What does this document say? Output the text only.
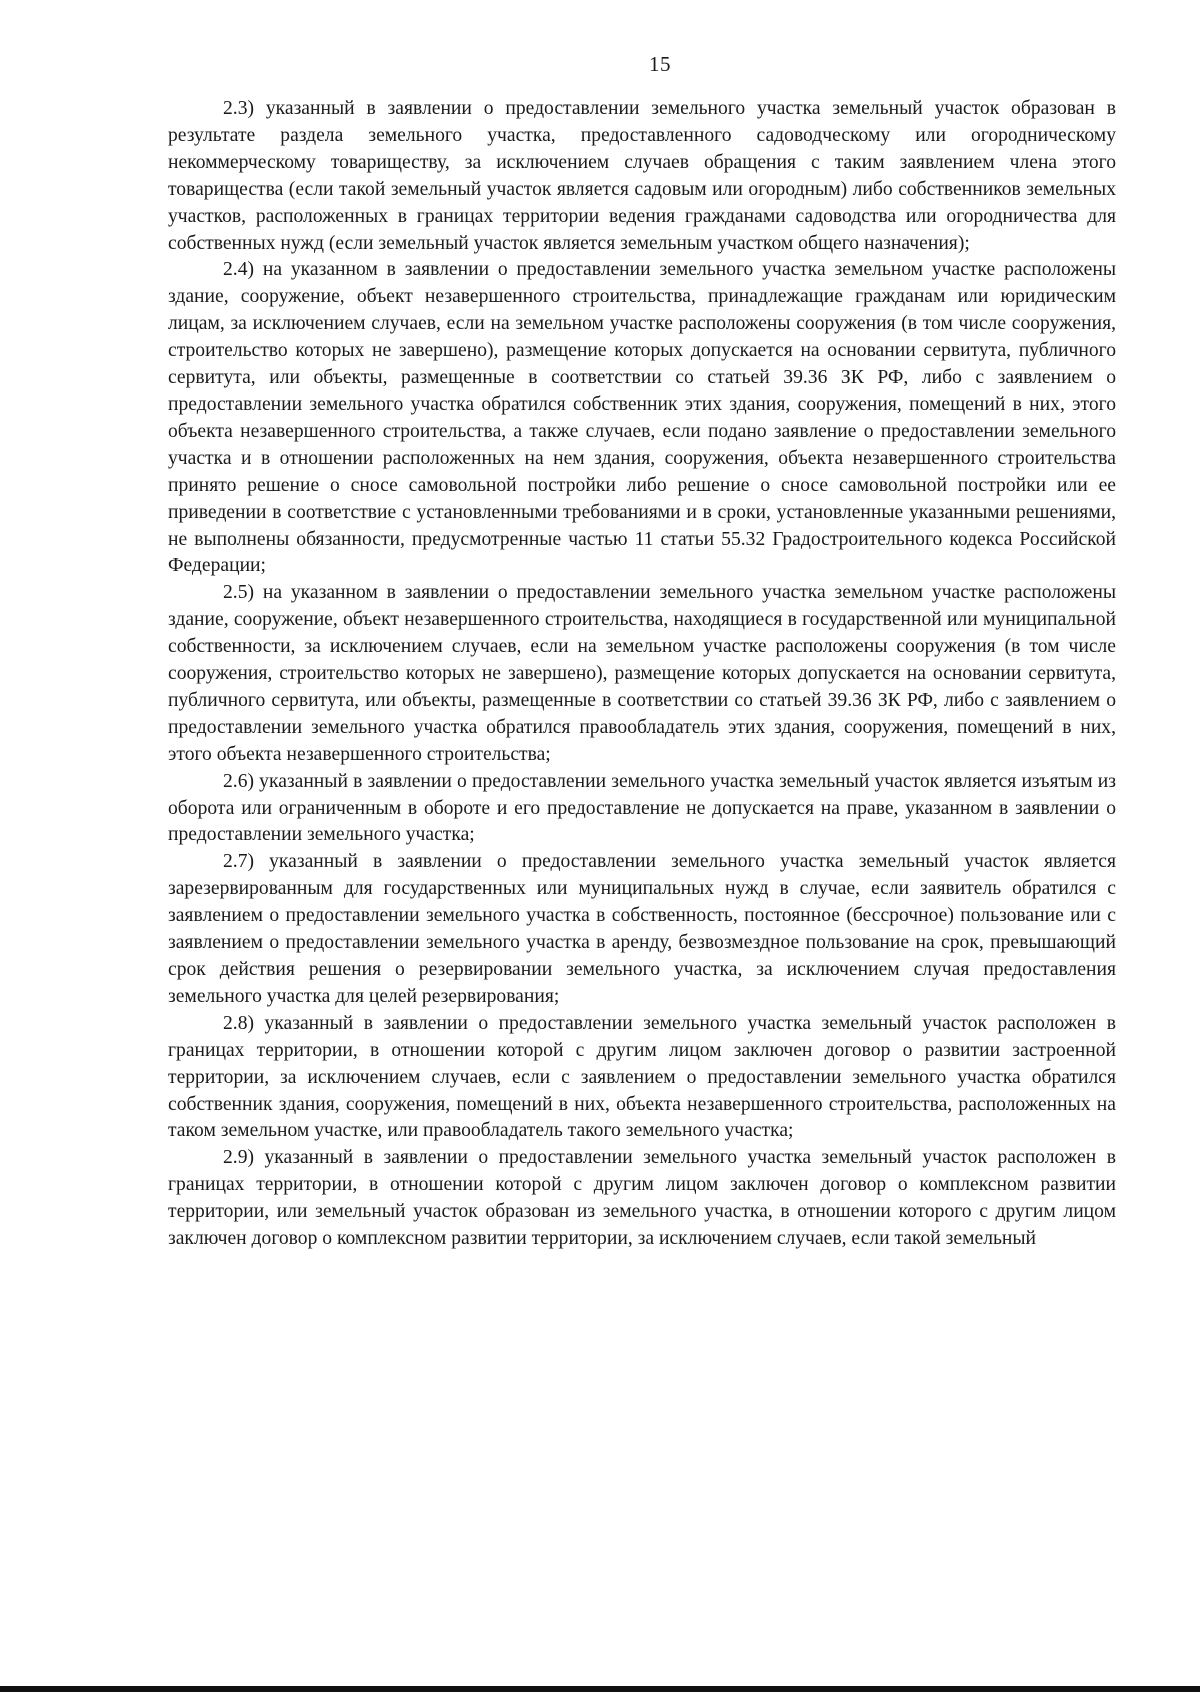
15

2.3) указанный в заявлении о предоставлении земельного участка земельный участок образован в результате раздела земельного участка, предоставленного садоводческому или огородническому некоммерческому товариществу, за исключением случаев обращения с таким заявлением члена этого товарищества (если такой земельный участок является садовым или огородным) либо собственников земельных участков, расположенных в границах территории ведения гражданами садоводства или огородничества для собственных нужд (если земельный участок является земельным участком общего назначения);

2.4) на указанном в заявлении о предоставлении земельного участка земельном участке расположены здание, сооружение, объект незавершенного строительства, принадлежащие гражданам или юридическим лицам, за исключением случаев, если на земельном участке расположены сооружения (в том числе сооружения, строительство которых не завершено), размещение которых допускается на основании сервитута, публичного сервитута, или объекты, размещенные в соответствии со статьей 39.36 ЗК РФ, либо с заявлением о предоставлении земельного участка обратился собственник этих здания, сооружения, помещений в них, этого объекта незавершенного строительства, а также случаев, если подано заявление о предоставлении земельного участка и в отношении расположенных на нем здания, сооружения, объекта незавершенного строительства принято решение о сносе самовольной постройки либо решение о сносе самовольной постройки или ее приведении в соответствие с установленными требованиями и в сроки, установленные указанными решениями, не выполнены обязанности, предусмотренные частью 11 статьи 55.32 Градостроительного кодекса Российской Федерации;

2.5) на указанном в заявлении о предоставлении земельного участка земельном участке расположены здание, сооружение, объект незавершенного строительства, находящиеся в государственной или муниципальной собственности, за исключением случаев, если на земельном участке расположены сооружения (в том числе сооружения, строительство которых не завершено), размещение которых допускается на основании сервитута, публичного сервитута, или объекты, размещенные в соответствии со статьей 39.36 ЗК РФ, либо с заявлением о предоставлении земельного участка обратился правообладатель этих здания, сооружения, помещений в них, этого объекта незавершенного строительства;

2.6) указанный в заявлении о предоставлении земельного участка земельный участок является изъятым из оборота или ограниченным в обороте и его предоставление не допускается на праве, указанном в заявлении о предоставлении земельного участка;

2.7) указанный в заявлении о предоставлении земельного участка земельный участок является зарезервированным для государственных или муниципальных нужд в случае, если заявитель обратился с заявлением о предоставлении земельного участка в собственность, постоянное (бессрочное) пользование или с заявлением о предоставлении земельного участка в аренду, безвозмездное пользование на срок, превышающий срок действия решения о резервировании земельного участка, за исключением случая предоставления земельного участка для целей резервирования;

2.8) указанный в заявлении о предоставлении земельного участка земельный участок расположен в границах территории, в отношении которой с другим лицом заключен договор о развитии застроенной территории, за исключением случаев, если с заявлением о предоставлении земельного участка обратился собственник здания, сооружения, помещений в них, объекта незавершенного строительства, расположенных на таком земельном участке, или правообладатель такого земельного участка;

2.9) указанный в заявлении о предоставлении земельного участка земельный участок расположен в границах территории, в отношении которой с другим лицом заключен договор о комплексном развитии территории, или земельный участок образован из земельного участка, в отношении которого с другим лицом заключен договор о комплексном развитии территории, за исключением случаев, если такой земельный
